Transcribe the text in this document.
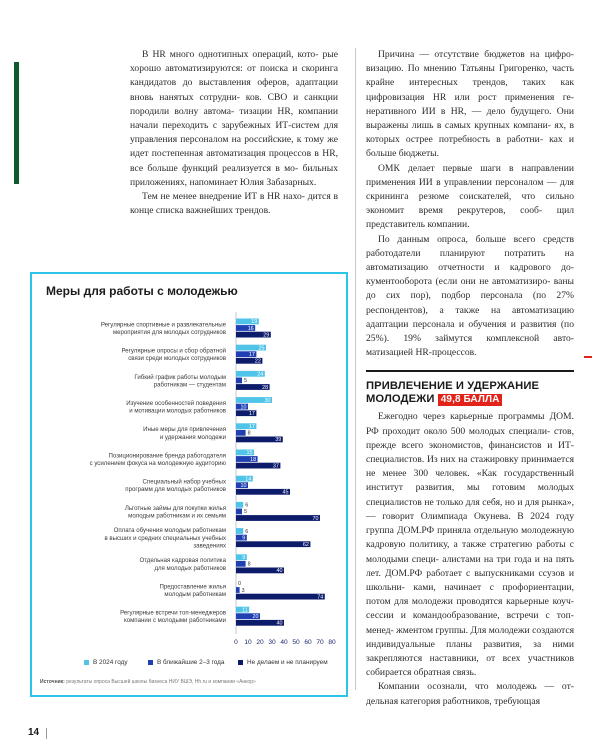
В HR много однотипных операций, кото- рые хорошо автоматизируются: от поиска и скоринга кандидатов до выставления оферов, адаптации вновь нанятых сотрудни- ков. СВО и санкции породили волну автома- тизации HR, компании начали переходить с зарубежных ИТ-систем для управления персоналом на российские, к тому же идет постепенная автоматизация процессов в HR, все больше функций реализуется в мо- бильных приложениях, напоминает Юлия Забазарных.

Тем не менее внедрение ИТ в HR нахо- дится в конце списка важнейших трендов.

Меры для работы с молодежью
0 10 20 30 40 50 60 70 80
Регулярные спортивные и развлекательные
мероприятия для молодых сотрудников
19
16
29
Регулярные опросы и сбор обратной
связи среди молодых сотрудников
25
17
22
Гибкий график работы молодым
работникам — студентам
24
5
28
Изучение особенностей поведения
и мотивации молодых работников
30
10
17
Иные меры для привлечения
и удержания молодежи
17
8
39
Позиционирование бренда работодателя
с усилением фокуса на молодежную аудиторию
15
18
37
Специальный набор учебных
программ для молодых работников
14
10
45
Льготные займы для покупки жилья
молодым работникам и их семьям
6
5
70
Оплата обучения молодым работникам
в высших и средних специальных учебных
заведениях
6
9
62
Отдельная кадровая политика
для молодых работников
9
8
40
Предоставление жилья
молодым работникам
0
3
74
Регулярные встречи топ-менеджеров
компании с молодыми работниками
11
20
40
В 2024 году	В ближайшие 2–3 года	Не делаем и не планируем
Источник: результаты опроса Высшей школы бизнеса НИУ ВШЭ, Hh.ru и компании «Анкор»

Причина — отсутствие бюджетов на цифро- визацию. По мнению Татьяны Григоренко, часть крайне интересных трендов, таких как цифровизация HR или рост применения ге- неративного ИИ в HR, — дело будущего. Они выражены лишь в самых крупных компани- ях, в которых острее потребность в работни- ках и больше бюджеты.

ОМК делает первые шаги в направлении применения ИИ в управлении персоналом — для скрининга резюме соискателей, что сильно экономит время рекрутеров, сооб- щил представитель компании.

По данным опроса, больше всего средств работодатели планируют потратить на автоматизацию отчетности и кадрового до- кументооборота (если они не автоматизиро- ваны до сих пор), подбор персонала (по 27% респондентов), а также на автоматизацию адаптации персонала и обучения и развития (по 25%). 19% займутся комплексной авто- матизацией HR-процессов.

ПРИВЛЕЧЕНИЕ И УДЕРЖАНИЕ
МОЛОДЕЖИ 49,8 БАЛЛА

Ежегодно через карьерные программы ДОМ. РФ проходит около 500 молодых специали- стов, прежде всего экономистов, финансистов и ИТ-специалистов. Из них на стажировку принимается не менее 300 человек. «Как государственный институт развития, мы готовим молодых специалистов не только для себя, но и для рынка», — говорит Олимпиада Окунева. В 2024 году группа ДОМ.РФ приняла отдельную молодежную кадровую политику, а также стратегию работы с молодыми специ- алистами на три года и на пять лет. ДОМ.РФ работает с выпускниками ссузов и школьни- ками, начинает с профориентации, потом для молодежи проводятся карьерные коуч-сессии и командообразование, встречи с топ-менед- жментом группы. Для молодежи создаются индивидуальные планы развития, за ними закрепляются наставники, от всех участников собирается обратная связь.

Компании осознали, что молодежь — от- дельная категория работников, требующая

14
